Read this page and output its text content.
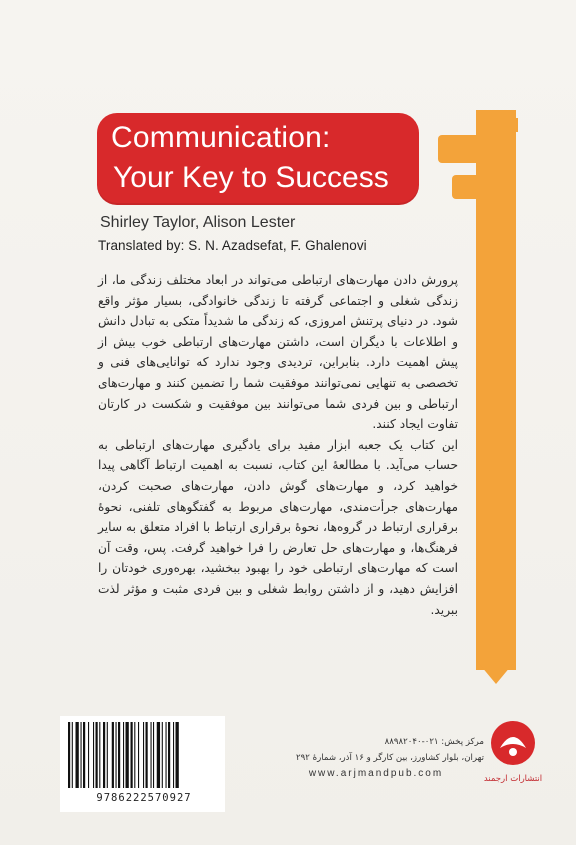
Communication:
Your Key to Success
Shirley Taylor, Alison Lester
Translated by: S. N. Azadsefat, F. Ghalenovi

پرورش دادن مهارت‌های ارتباطی می‌تواند در ابعاد مختلف زندگی ما، از زندگی شغلی و اجتماعی گرفته تا زندگی خانوادگی، بسیار مؤثر واقع شود. در دنیای پرتنش امروزی، که زندگی ما شدیداً متکی به تبادل دانش و اطلاعات با دیگران است، داشتن مهارت‌های ارتباطی خوب بیش از پیش اهمیت دارد. بنابراین، تردیدی وجود ندارد که توانایی‌های فنی و تخصصی به تنهایی نمی‌توانند موفقیت شما را تضمین کنند و مهارت‌های ارتباطی و بین فردی شما می‌توانند بین موفقیت و شکست در کارتان تفاوت ایجاد کنند.

این کتاب یک جعبه ابزار مفید برای یادگیری مهارت‌های ارتباطی به حساب می‌آید. با مطالعهٔ این کتاب، نسبت به اهمیت ارتباط آگاهی پیدا خواهید کرد، و مهارت‌های گوش دادن، مهارت‌های صحبت کردن، مهارت‌های جرأت‌مندی، مهارت‌های مربوط به گفتگوهای تلفنی، نحوهٔ برقراری ارتباط در گروه‌ها، نحوهٔ برقراری ارتباط با افراد متعلق به سایر فرهنگ‌ها، و مهارت‌های حل تعارض را فرا خواهید گرفت. پس، وقت آن است که مهارت‌های ارتباطی خود را بهبود ببخشید، بهره‌وری خودتان را افزایش دهید، و از داشتن روابط شغلی و بین فردی مثبت و مؤثر لذت ببرید.

9786222570927
مرکز پخش: ۰۲۱-۸۸۹۸۲۰۴۰
تهران، بلوار کشاورز، بین کارگر و ۱۶ آذر، شمارهٔ ۲۹۲
www.arjmandpub.com	انتشارات ارجمند
